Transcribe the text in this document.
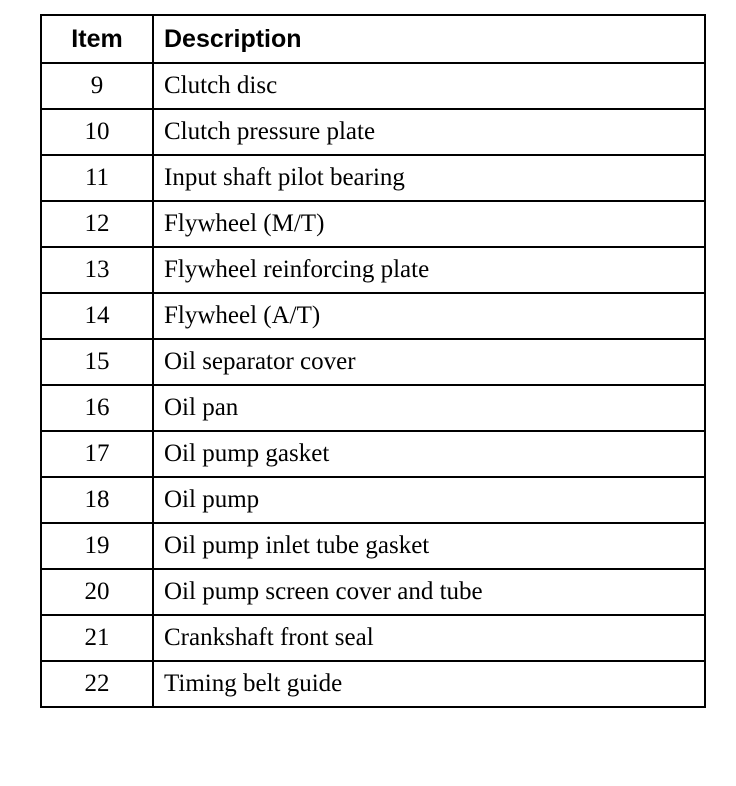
Item	Description
9	Clutch disc
10	Clutch pressure plate
11	Input shaft pilot bearing
12	Flywheel (M/T)
13	Flywheel reinforcing plate
14	Flywheel (A/T)
15	Oil separator cover
16	Oil pan
17	Oil pump gasket
18	Oil pump
19	Oil pump inlet tube gasket
20	Oil pump screen cover and tube
21	Crankshaft front seal
22	Timing belt guide
